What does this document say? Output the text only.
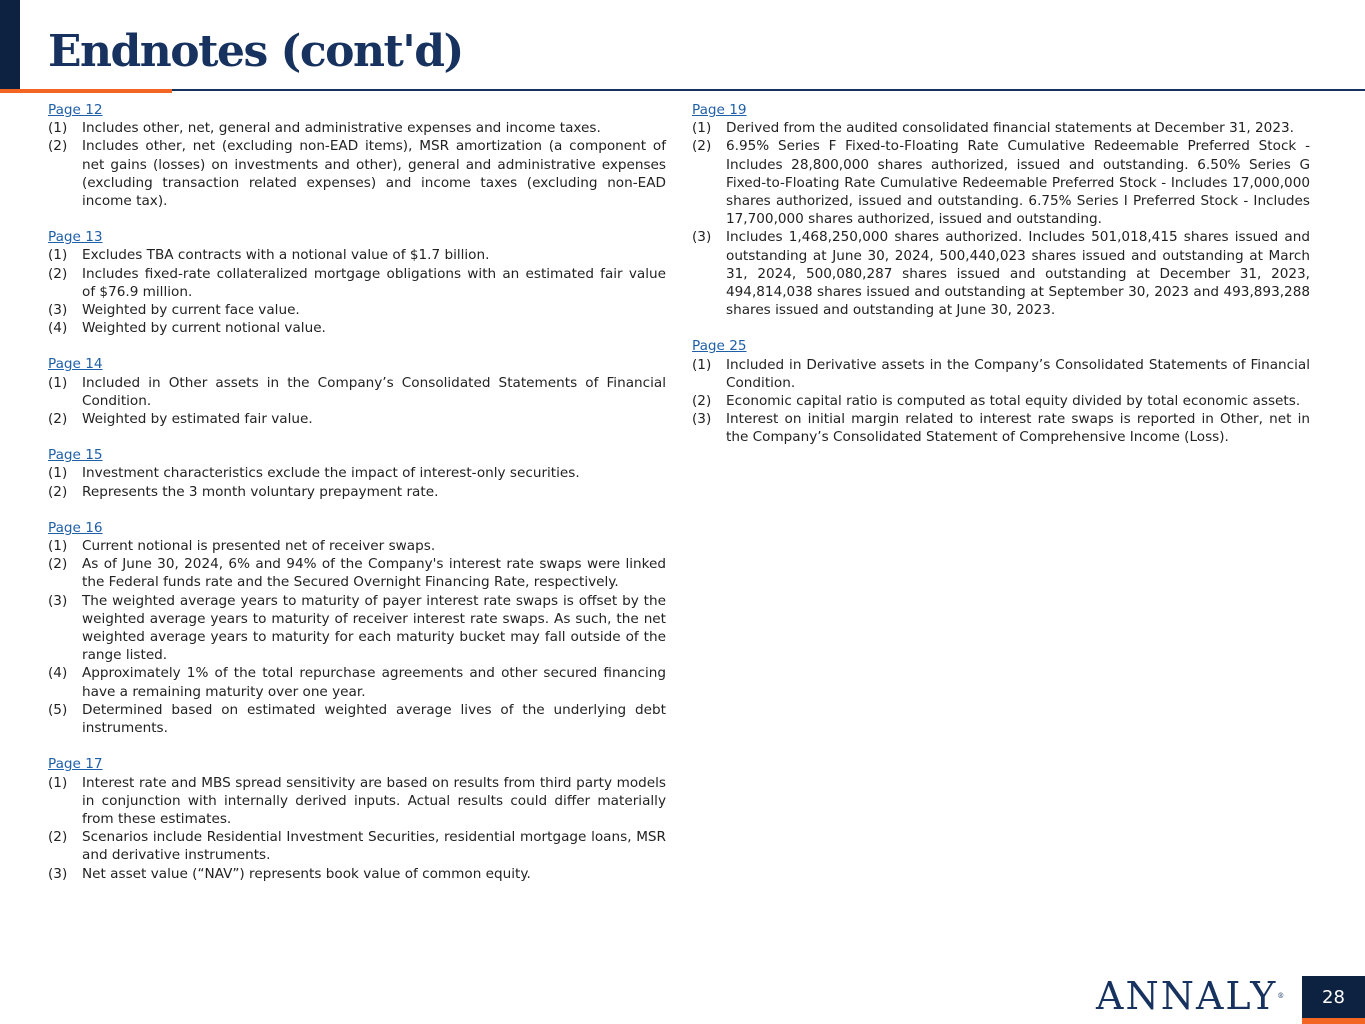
Endnotes (cont'd)
Page 12
(1)	Includes other, net, general and administrative expenses and income taxes.
(2)	Includes other, net (excluding non-EAD items), MSR amortization (a component of net gains (losses) on investments and other), general and administrative expenses (excluding transaction related expenses) and income taxes (excluding non-EAD income tax).
Page 13
(1)	Excludes TBA contracts with a notional value of $1.7 billion.
(2)	Includes fixed-rate collateralized mortgage obligations with an estimated fair value of $76.9 million.
(3)	Weighted by current face value.
(4)	Weighted by current notional value.
Page 14
(1)	Included in Other assets in the Company’s Consolidated Statements of Financial Condition.
(2)	Weighted by estimated fair value.
Page 15
(1)	Investment characteristics exclude the impact of interest-only securities.
(2)	Represents the 3 month voluntary prepayment rate.
Page 16
(1)	Current notional is presented net of receiver swaps.
(2)	As of June 30, 2024, 6% and 94% of the Company's interest rate swaps were linked the Federal funds rate and the Secured Overnight Financing Rate, respectively.
(3)	The weighted average years to maturity of payer interest rate swaps is offset by the weighted average years to maturity of receiver interest rate swaps. As such, the net weighted average years to maturity for each maturity bucket may fall outside of the range listed.
(4)	Approximately 1% of the total repurchase agreements and other secured financing have a remaining maturity over one year.
(5)	Determined based on estimated weighted average lives of the underlying debt instruments.
Page 17
(1)	Interest rate and MBS spread sensitivity are based on results from third party models in conjunction with internally derived inputs. Actual results could differ materially from these estimates.
(2)	Scenarios include Residential Investment Securities, residential mortgage loans, MSR and derivative instruments.
(3)	Net asset value (“NAV”) represents book value of common equity.
Page 19
(1)	Derived from the audited consolidated financial statements at December 31, 2023.
(2)	6.95% Series F Fixed-to-Floating Rate Cumulative Redeemable Preferred Stock - Includes 28,800,000 shares authorized, issued and outstanding. 6.50% Series G Fixed-to-Floating Rate Cumulative Redeemable Preferred Stock - Includes 17,000,000 shares authorized, issued and outstanding. 6.75% Series I Preferred Stock - Includes 17,700,000 shares authorized, issued and outstanding.
(3)	Includes 1,468,250,000 shares authorized. Includes 501,018,415 shares issued and outstanding at June 30, 2024, 500,440,023 shares issued and outstanding at March 31, 2024, 500,080,287 shares issued and outstanding at December 31, 2023, 494,814,038 shares issued and outstanding at September 30, 2023 and 493,893,288 shares issued and outstanding at June 30, 2023.
Page 25
(1)	Included in Derivative assets in the Company’s Consolidated Statements of Financial Condition.
(2)	Economic capital ratio is computed as total equity divided by total economic assets.
(3)	Interest on initial margin related to interest rate swaps is reported in Other, net in the Company’s Consolidated Statement of Comprehensive Income (Loss).
ANNALY®	28
